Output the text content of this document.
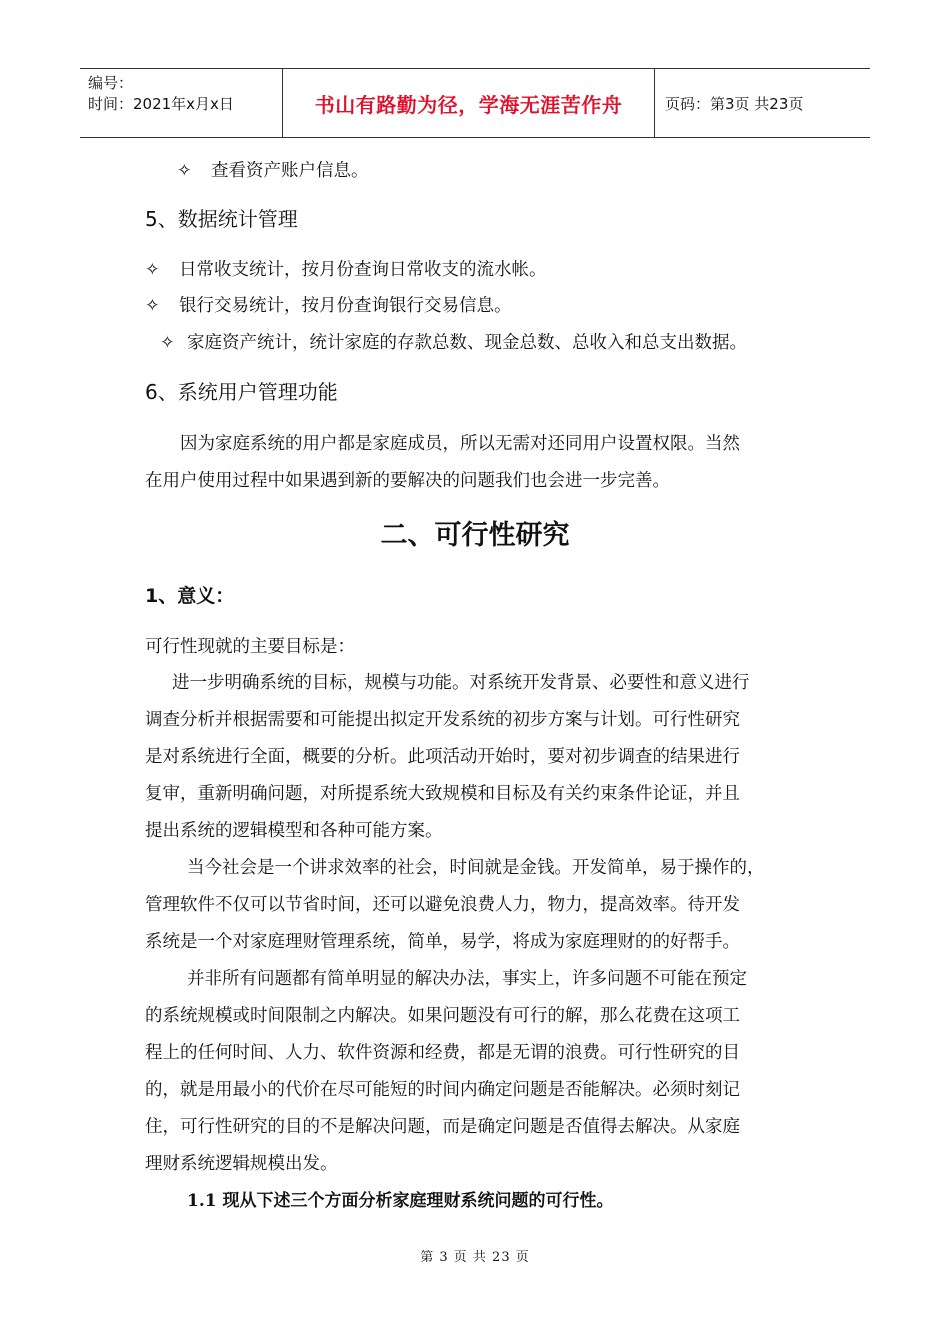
编号：
时间：2021年x月x日	书山有路勤为径，学海无涯苦作舟	页码：第3页 共23页
✧ 查看资产账户信息。
5、数据统计管理
✧ 日常收支统计，按月份查询日常收支的流水帐。
✧ 银行交易统计，按月份查询银行交易信息。
✧ 家庭资产统计，统计家庭的存款总数、现金总数、总收入和总支出数据。
6、系统用户管理功能
因为家庭系统的用户都是家庭成员，所以无需对还同用户设置权限。当然
在用户使用过程中如果遇到新的要解决的问题我们也会进一步完善。
二、可行性研究
1、意义：
可行性现就的主要目标是：
进一步明确系统的目标，规模与功能。对系统开发背景、必要性和意义进行
调查分析并根据需要和可能提出拟定开发系统的初步方案与计划。可行性研究
是对系统进行全面，概要的分析。此项活动开始时，要对初步调查的结果进行
复审，重新明确问题，对所提系统大致规模和目标及有关约束条件论证，并且
提出系统的逻辑模型和各种可能方案。
当今社会是一个讲求效率的社会，时间就是金钱。开发简单，易于操作的，
管理软件不仅可以节省时间，还可以避免浪费人力，物力，提高效率。待开发
系统是一个对家庭理财管理系统，简单，易学，将成为家庭理财的的好帮手。
并非所有问题都有简单明显的解决办法，事实上，许多问题不可能在预定
的系统规模或时间限制之内解决。如果问题没有可行的解，那么花费在这项工
程上的任何时间、人力、软件资源和经费，都是无谓的浪费。可行性研究的目
的，就是用最小的代价在尽可能短的时间内确定问题是否能解决。必须时刻记
住，可行性研究的目的不是解决问题，而是确定问题是否值得去解决。从家庭
理财系统逻辑规模出发。
1.1 现从下述三个方面分析家庭理财系统问题的可行性。
第 3 页 共 23 页
